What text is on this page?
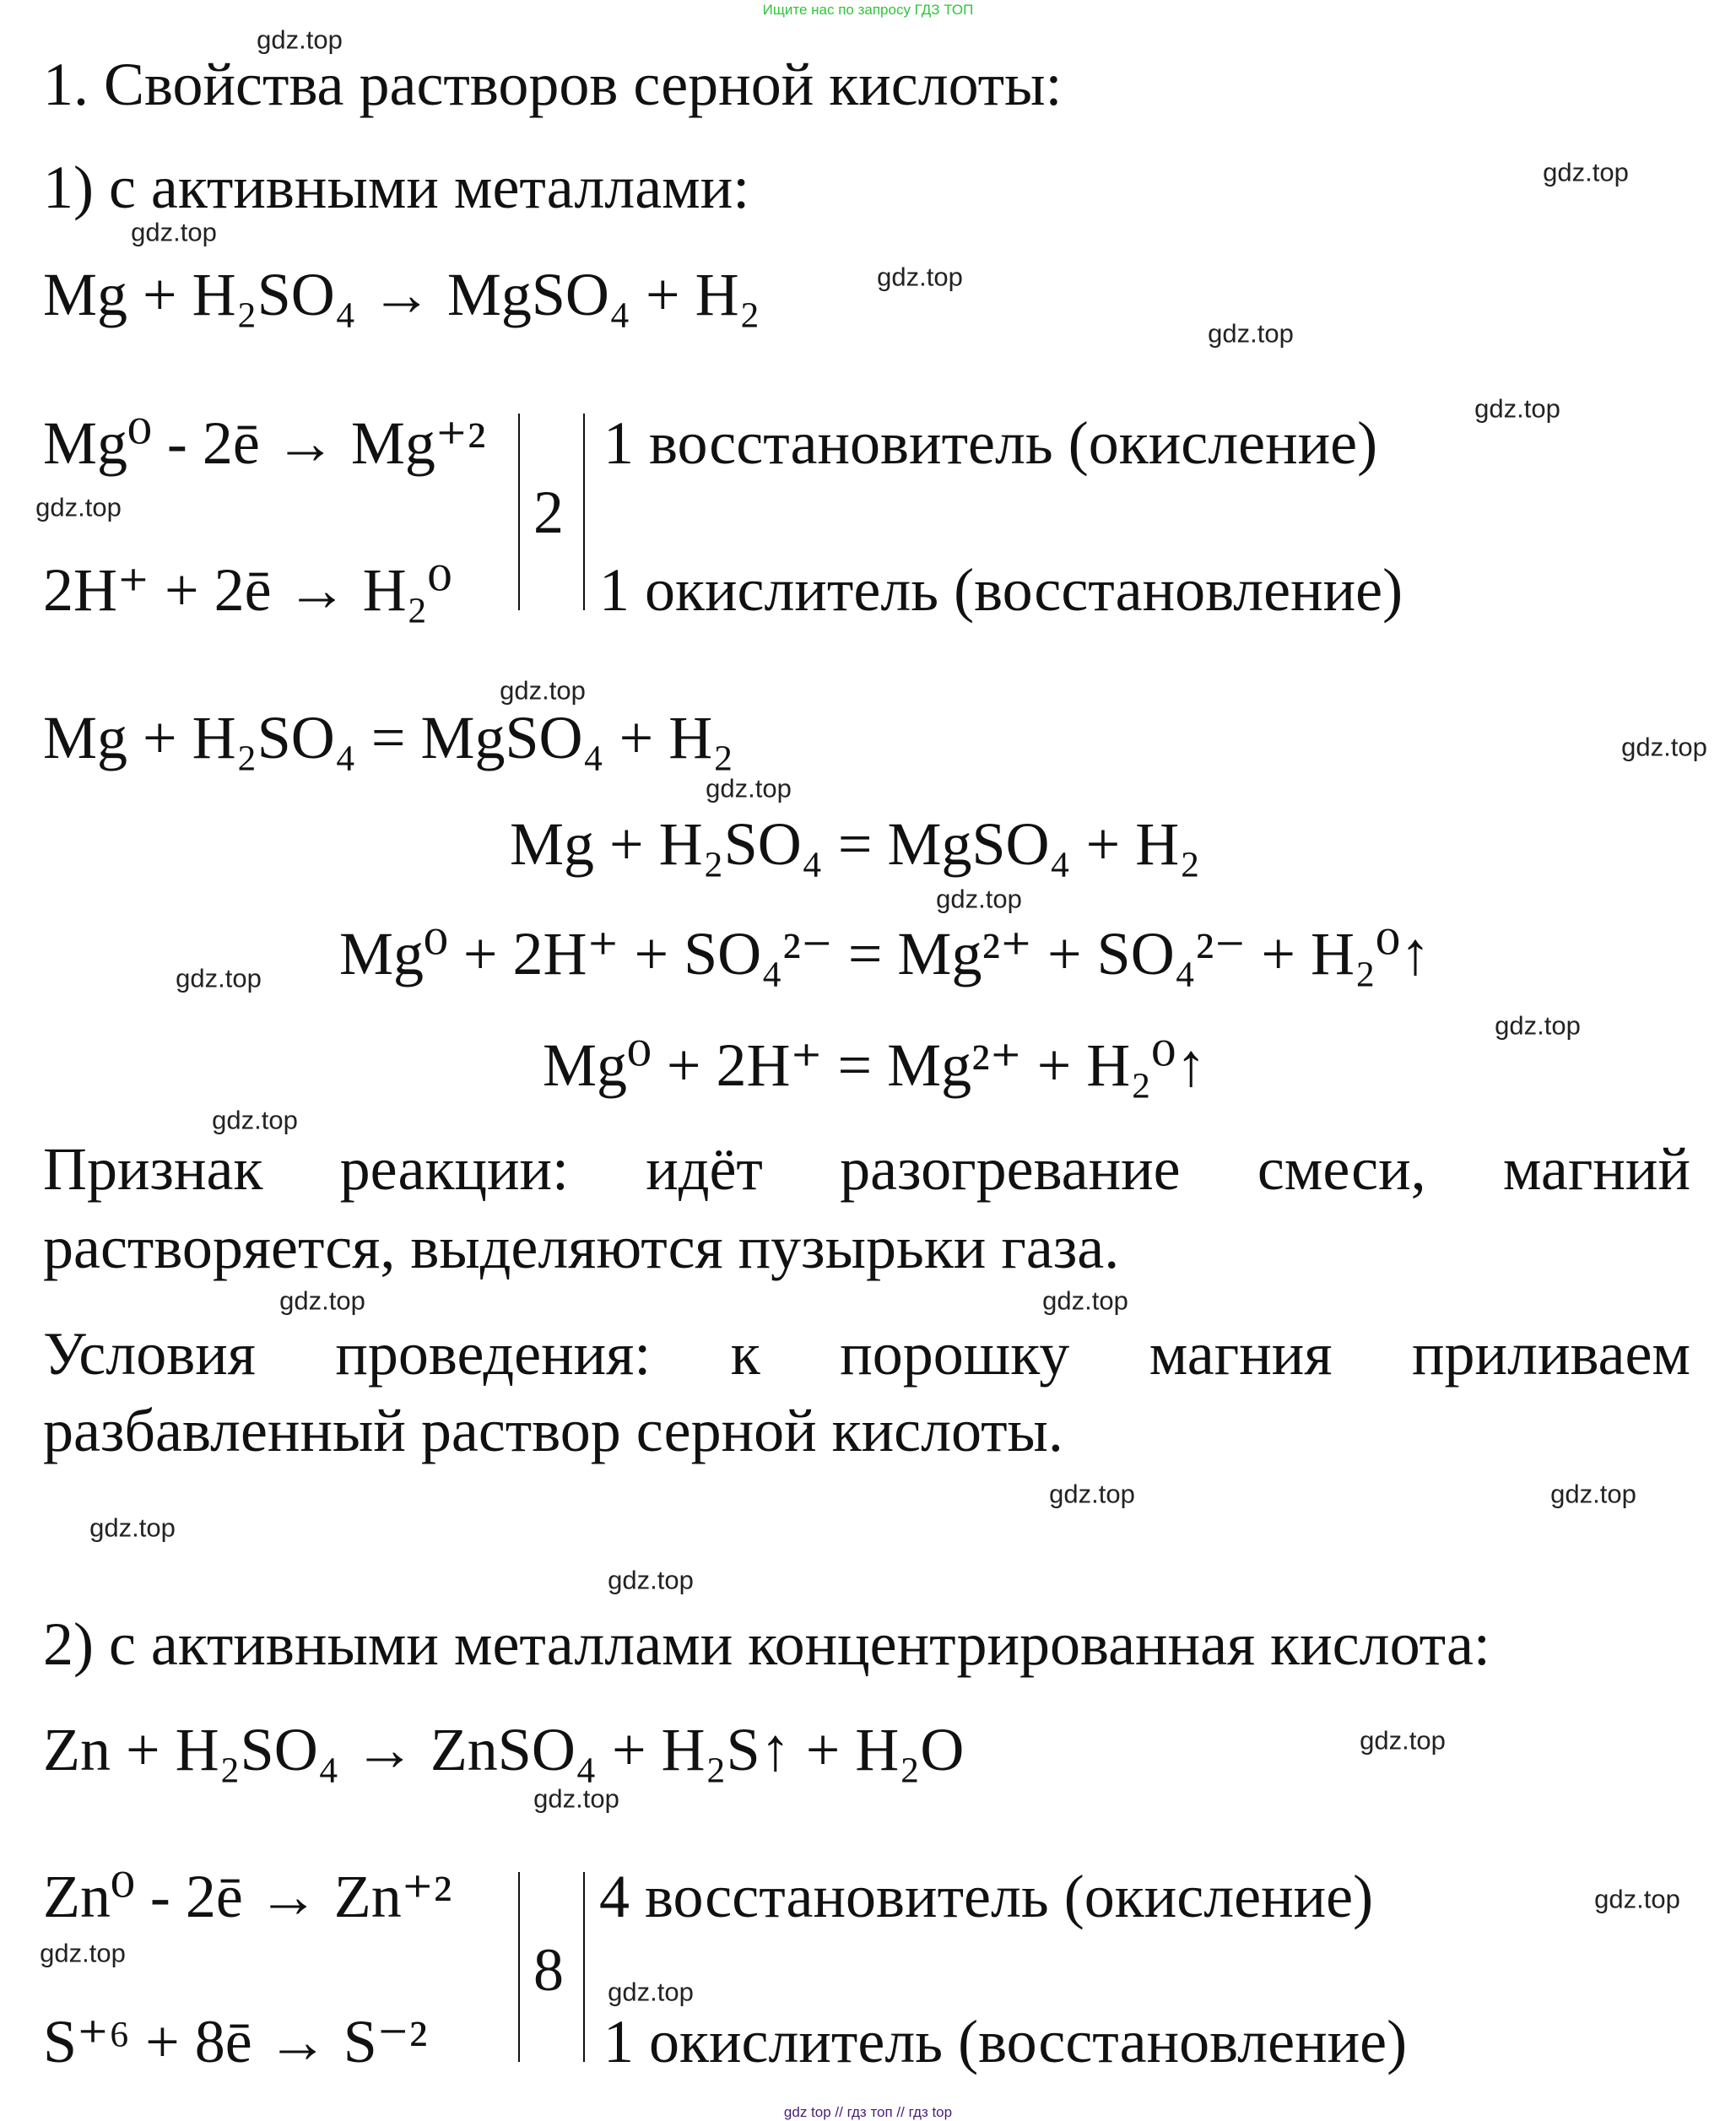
Ищите нас по запросу ГДЗ ТОП
1. Свойства растворов серной кислоты:
1) с активными металлами:
Mg + H₂SO₄ → MgSO₄ + H₂
Mg⁰ - 2ē → Mg⁺²
2H⁺ + 2ē → H₂⁰
2
1 восстановитель (окисление)
1 окислитель (восстановление)
Mg + H₂SO₄ = MgSO₄ + H₂
Mg + H₂SO₄ = MgSO₄ + H₂
Mg⁰ + 2H⁺ + SO₄²⁻ = Mg²⁺ + SO₄²⁻ + H₂⁰↑
Mg⁰ + 2H⁺ = Mg²⁺ + H₂⁰↑
Признак реакции: идёт разогревание смеси, магний
растворяется, выделяются пузырьки газа.
Условия проведения: к порошку магния приливаем
разбавленный раствор серной кислоты.
2) с активными металлами концентрированная кислота:
Zn + H₂SO₄ → ZnSO₄ + H₂S↑ + H₂O
Zn⁰ - 2ē → Zn⁺²
S⁺⁶ + 8ē → S⁻²
8
4 восстановитель (окисление)
1 окислитель (восстановление)
gdz.top
gdz.top
gdz.top
gdz.top
gdz.top
gdz.top
gdz.top
gdz.top
gdz.top
gdz.top
gdz.top
gdz.top
gdz.top
gdz.top
gdz.top
gdz.top
gdz.top
gdz.top
gdz.top
gdz.top
gdz.top
gdz.top
gdz.top
gdz.top
gdz.top
gdz top // гдз топ // гдз top
